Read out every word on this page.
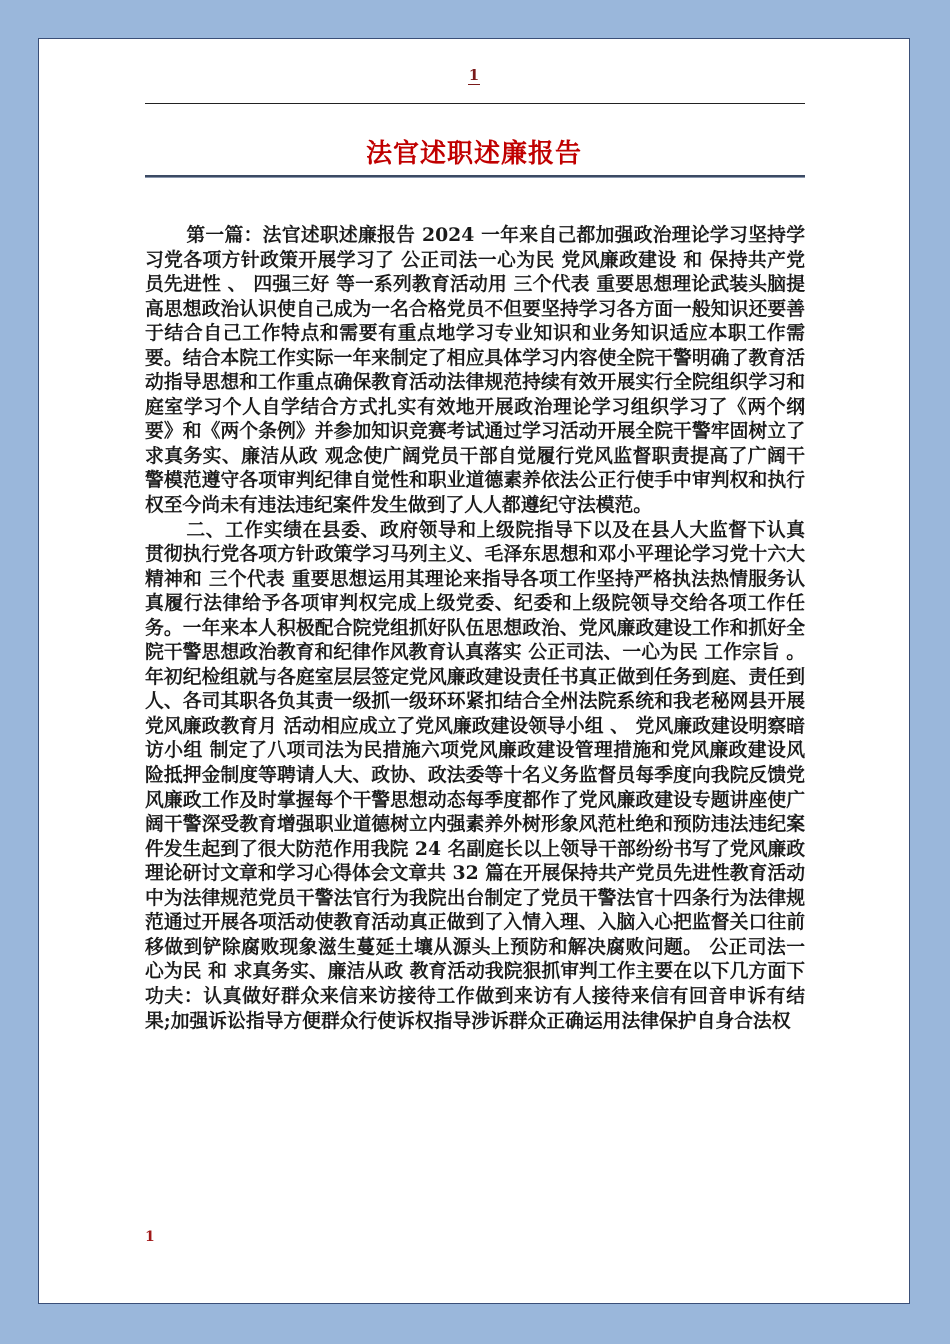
1
法官述职述廉报告

第一篇：法官述职述廉报告 2024 一年来自己都加强政治理论学习坚持学习党各项方针政策开展学习了 公正司法一心为民 党风廉政建设 和 保持共产党员先进性 、 四强三好 等一系列教育活动用 三个代表 重要思想理论武装头脑提高思想政治认识使自己成为一名合格党员不但要坚持学习各方面一般知识还要善于结合自己工作特点和需要有重点地学习专业知识和业务知识适应本职工作需要。结合本院工作实际一年来制定了相应具体学习内容使全院干警明确了教育活动指导思想和工作重点确保教育活动法律规范持续有效开展实行全院组织学习和庭室学习个人自学结合方式扎实有效地开展政治理论学习组织学习了《两个纲要》和《两个条例》并参加知识竞赛考试通过学习活动开展全院干警牢固树立了 求真务实、廉洁从政 观念使广阔党员干部自觉履行党风监督职责提高了广阔干警模范遵守各项审判纪律自觉性和职业道德素养依法公正行使手中审判权和执行权至今尚未有违法违纪案件发生做到了人人都遵纪守法模范。

二、工作实绩在县委、政府领导和上级院指导下以及在县人大监督下认真贯彻执行党各项方针政策学习马列主义、毛泽东思想和邓小平理论学习党十六大精神和 三个代表 重要思想运用其理论来指导各项工作坚持严格执法热情服务认真履行法律给予各项审判权完成上级党委、纪委和上级院领导交给各项工作任务。一年来本人积极配合院党组抓好队伍思想政治、党风廉政建设工作和抓好全院干警思想政治教育和纪律作风教育认真落实 公正司法、一心为民 工作宗旨 。年初纪检组就与各庭室层层签定党风廉政建设责任书真正做到任务到庭、责任到人、各司其职各负其责一级抓一级环环紧扣结合全州法院系统和我老秘网县开展 党风廉政教育月 活动相应成立了党风廉政建设领导小组 、 党风廉政建设明察暗访小组 制定了八项司法为民措施六项党风廉政建设管理措施和党风廉政建设风险抵押金制度等聘请人大、政协、政法委等十名义务监督员每季度向我院反馈党风廉政工作及时掌握每个干警思想动态每季度都作了党风廉政建设专题讲座使广阔干警深受教育增强职业道德树立内强素养外树形象风范杜绝和预防违法违纪案件发生起到了很大防范作用我院 24 名副庭长以上领导干部纷纷书写了党风廉政理论研讨文章和学习心得体会文章共 32 篇在开展保持共产党员先进性教育活动中为法律规范党员干警法官行为我院出台制定了党员干警法官十四条行为法律规范通过开展各项活动使教育活动真正做到了入情入理、入脑入心把监督关口往前移做到铲除腐败现象滋生蔓延土壤从源头上预防和解决腐败问题。 公正司法一心为民 和 求真务实、廉洁从政 教育活动我院狠抓审判工作主要在以下几方面下功夫：认真做好群众来信来访接待工作做到来访有人接待来信有回音申诉有结果;加强诉讼指导方便群众行使诉权指导涉诉群众正确运用法律保护自身合法权

1
